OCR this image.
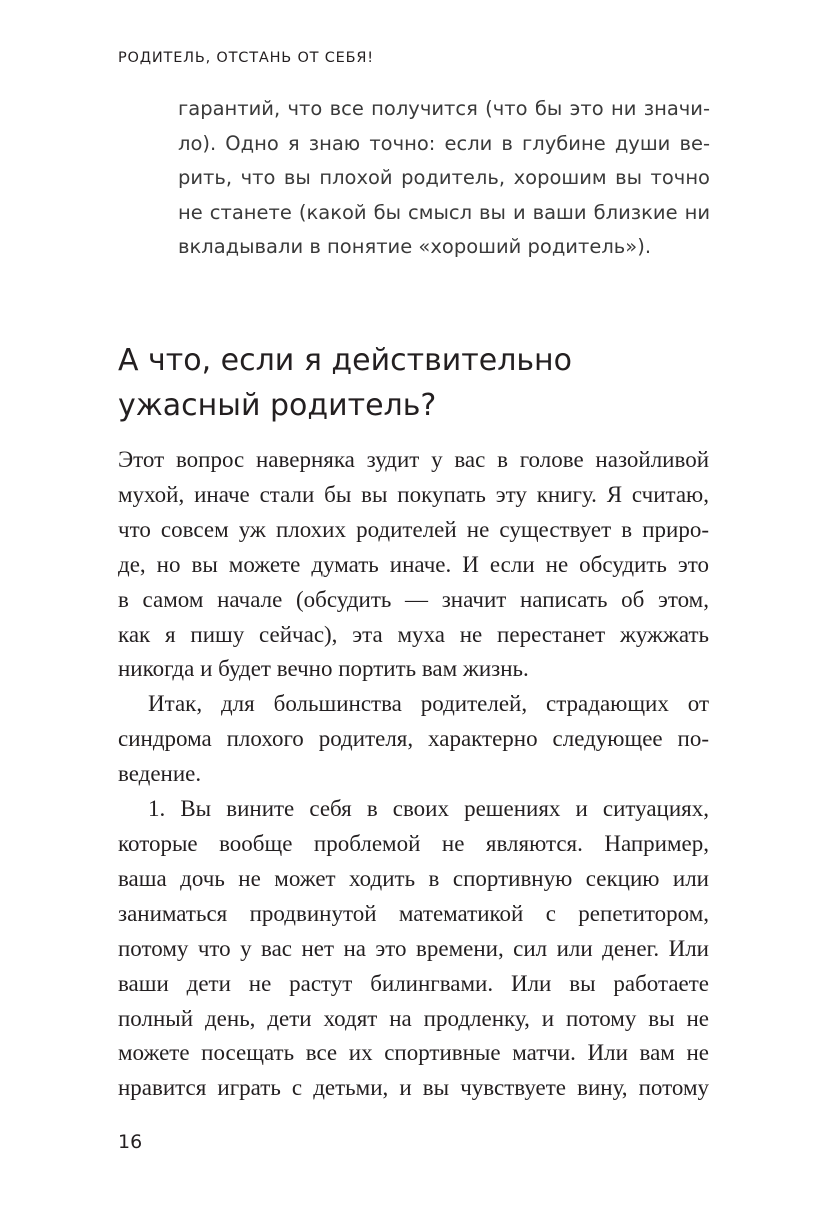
РОДИТЕЛЬ, ОТСТАНЬ ОТ СЕБЯ!
гарантий, что все получится (что бы это ни значи-
ло). Одно я знаю точно: если в глубине души ве-
рить, что вы плохой родитель, хорошим вы точно
не станете (какой бы смысл вы и ваши близкие ни
вкладывали в понятие «хороший родитель»).
А что, если я действительно
ужасный родитель?
Этот вопрос наверняка зудит у вас в голове назойливой
мухой, иначе стали бы вы покупать эту книгу. Я считаю,
что совсем уж плохих родителей не существует в приро-
де, но вы можете думать иначе. И если не обсудить это
в самом начале (обсудить — значит написать об этом,
как я пишу сейчас), эта муха не перестанет жужжать
никогда и будет вечно портить вам жизнь.
Итак, для большинства родителей, страдающих от
синдрома плохого родителя, характерно следующее по-
ведение.
1. Вы вините себя в своих решениях и ситуациях,
которые вообще проблемой не являются. Например,
ваша дочь не может ходить в спортивную секцию или
заниматься продвинутой математикой с репетитором,
потому что у вас нет на это времени, сил или денег. Или
ваши дети не растут билингвами. Или вы работаете
полный день, дети ходят на продленку, и потому вы не
можете посещать все их спортивные матчи. Или вам не
нравится играть с детьми, и вы чувствуете вину, потому
16
